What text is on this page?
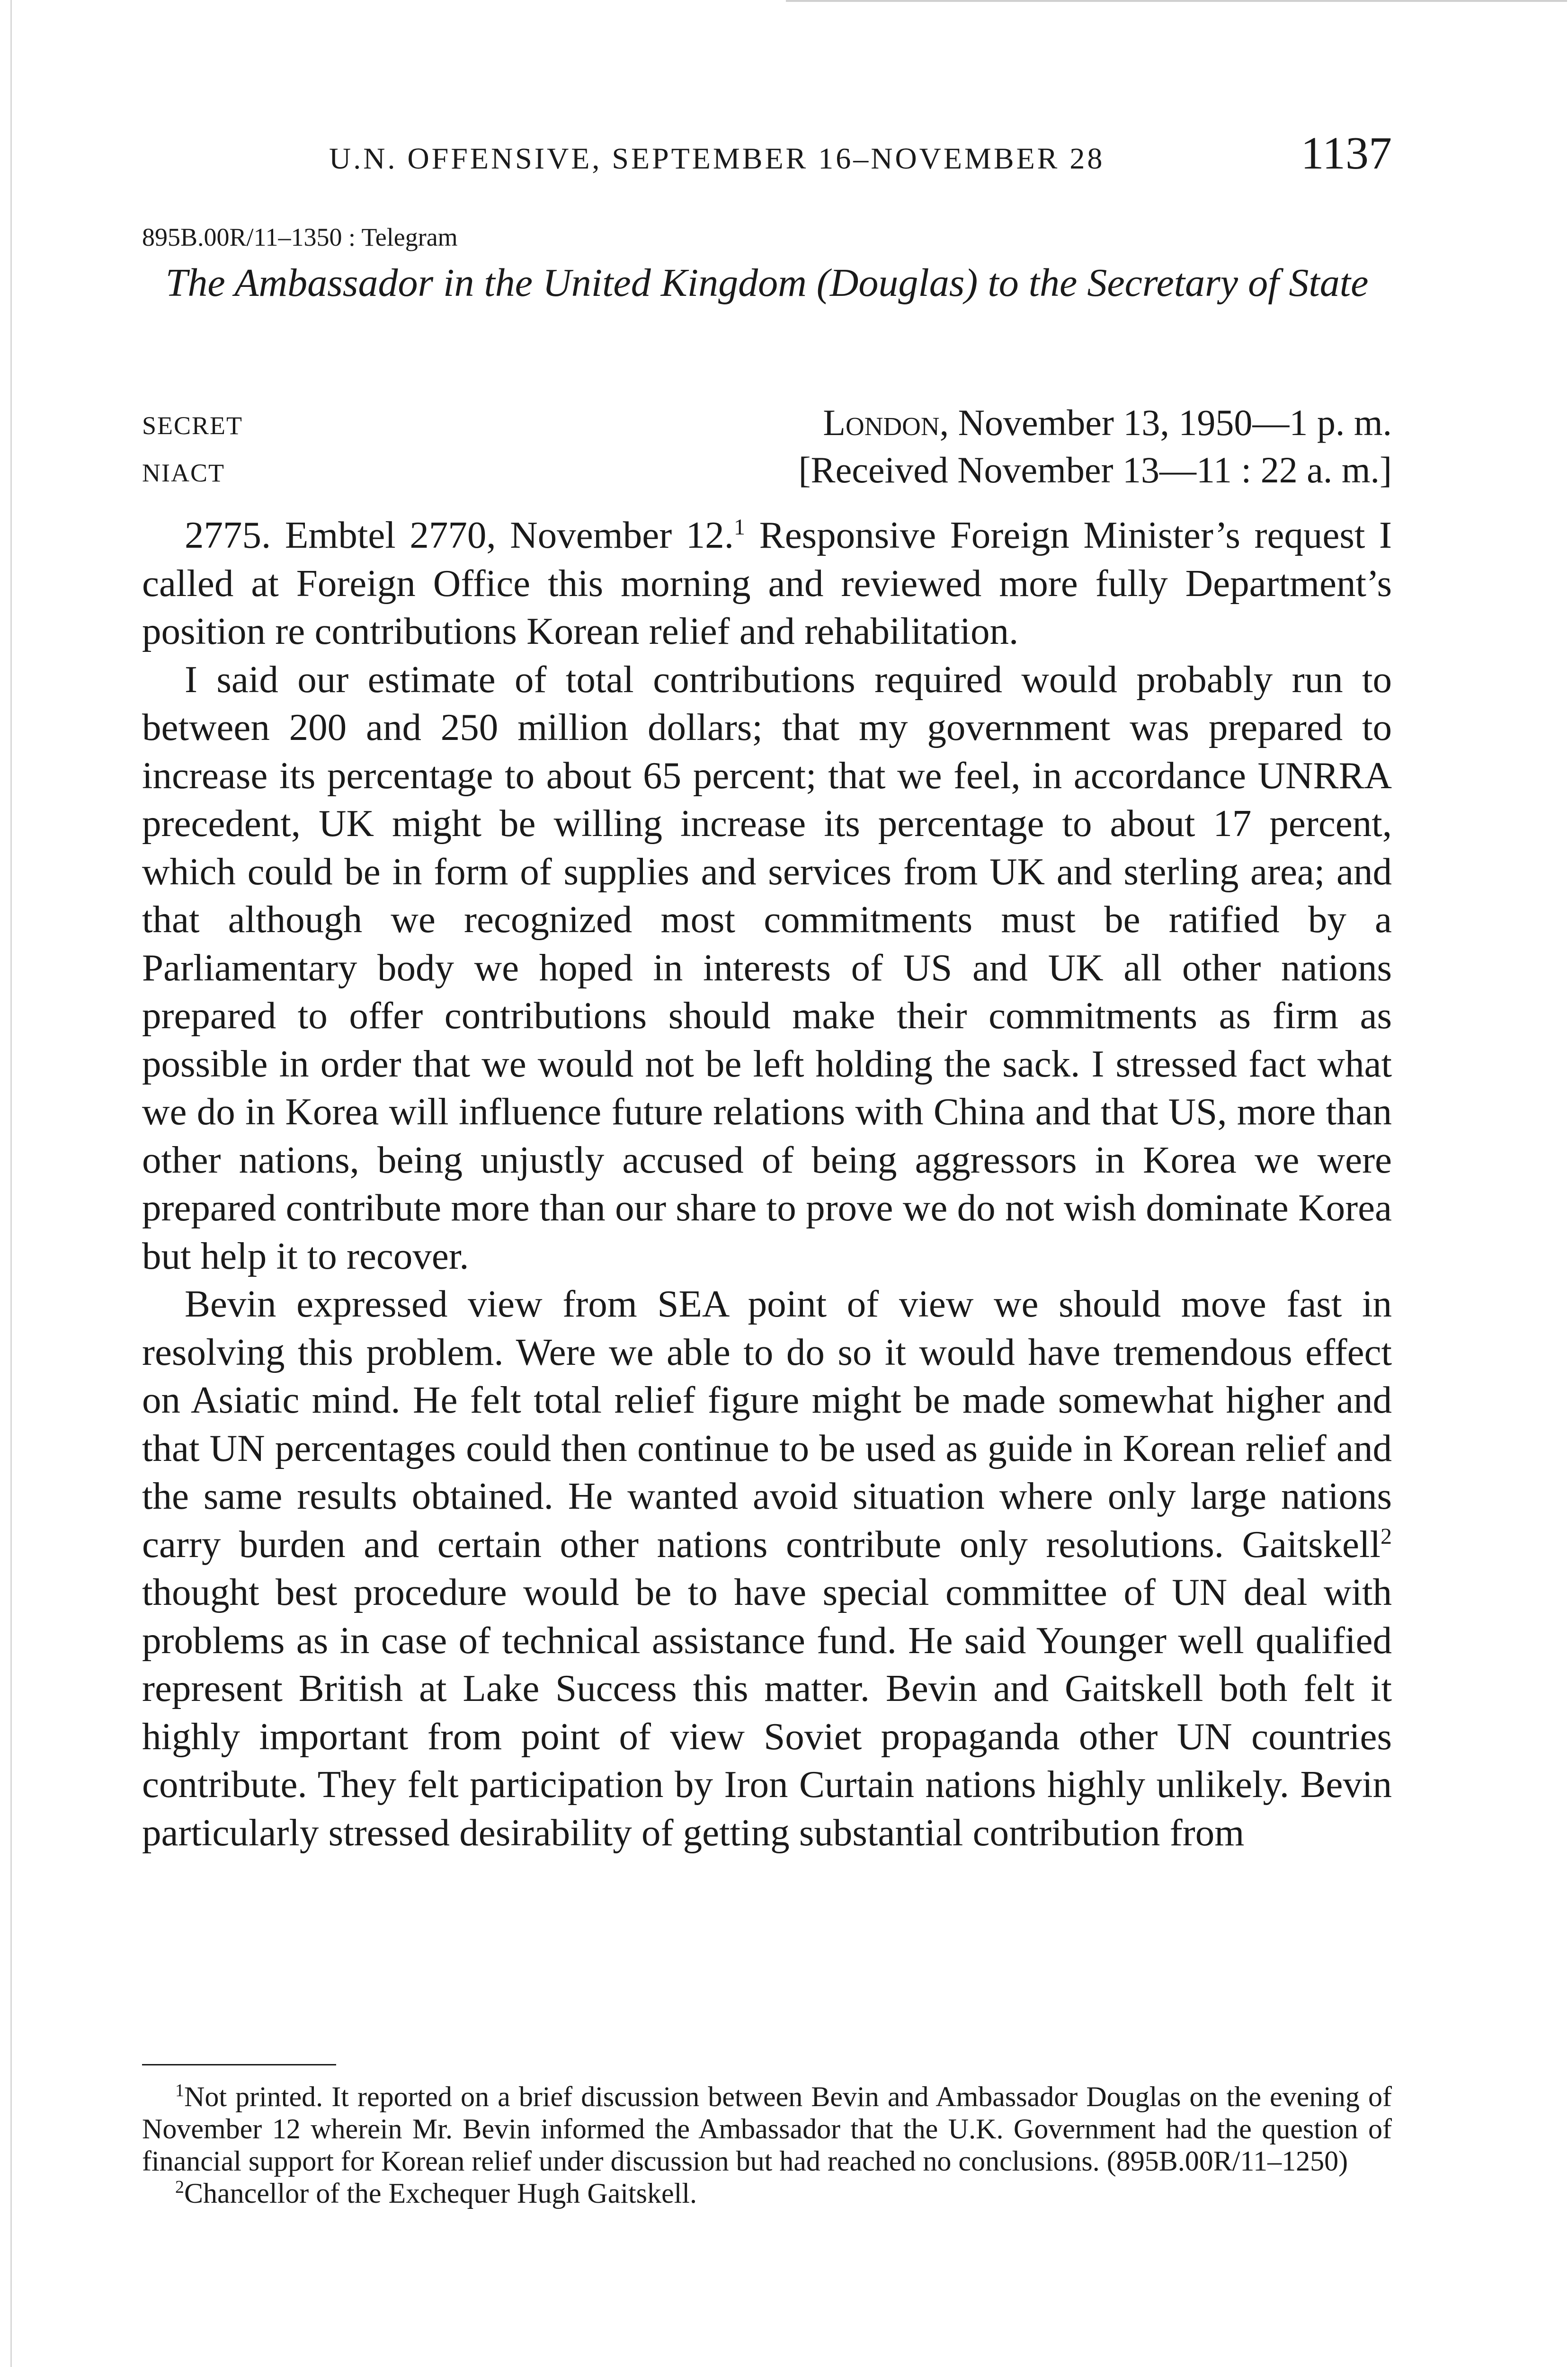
U.N. OFFENSIVE, SEPTEMBER 16–NOVEMBER 28	1137
895B.00R/11–1350 : Telegram
The Ambassador in the United Kingdom (Douglas) to the Secretary of State
SECRET	London, November 13, 1950—1 p. m.
NIACT	[Received November 13—11 : 22 a. m.]

2775. Embtel 2770, November 12.$^1$ Responsive Foreign Minister’s request I called at Foreign Office this morning and reviewed more fully Department’s position re contributions Korean relief and rehabilitation.

I said our estimate of total contributions required would probably run to between 200 and 250 million dollars; that my government was prepared to increase its percentage to about 65 percent; that we feel, in accordance UNRRA precedent, UK might be willing increase its percentage to about 17 percent, which could be in form of supplies and services from UK and sterling area; and that although we recognized most commitments must be ratified by a Parliamentary body we hoped in interests of US and UK all other nations prepared to offer contributions should make their commitments as firm as possible in order that we would not be left holding the sack. I stressed fact what we do in Korea will influence future relations with China and that US, more than other nations, being unjustly accused of being aggressors in Korea we were prepared contribute more than our share to prove we do not wish dominate Korea but help it to recover.

Bevin expressed view from SEA point of view we should move fast in resolving this problem. Were we able to do so it would have tremendous effect on Asiatic mind. He felt total relief figure might be made somewhat higher and that UN percentages could then continue to be used as guide in Korean relief and the same results obtained. He wanted avoid situation where only large nations carry burden and certain other nations contribute only resolutions. Gaitskell$^2$ thought best procedure would be to have special committee of UN deal with problems as in case of technical assistance fund. He said Younger well qualified represent British at Lake Success this matter. Bevin and Gaitskell both felt it highly important from point of view Soviet propaganda other UN countries contribute. They felt participation by Iron Curtain nations highly unlikely. Bevin particularly stressed desirability of getting substantial contribution from

$^1$Not printed. It reported on a brief discussion between Bevin and Ambassador Douglas on the evening of November 12 wherein Mr. Bevin informed the Ambassador that the U.K. Government had the question of financial support for Korean relief under discussion but had reached no conclusions. (895B.00R/11–1250)

$^2$Chancellor of the Exchequer Hugh Gaitskell.
